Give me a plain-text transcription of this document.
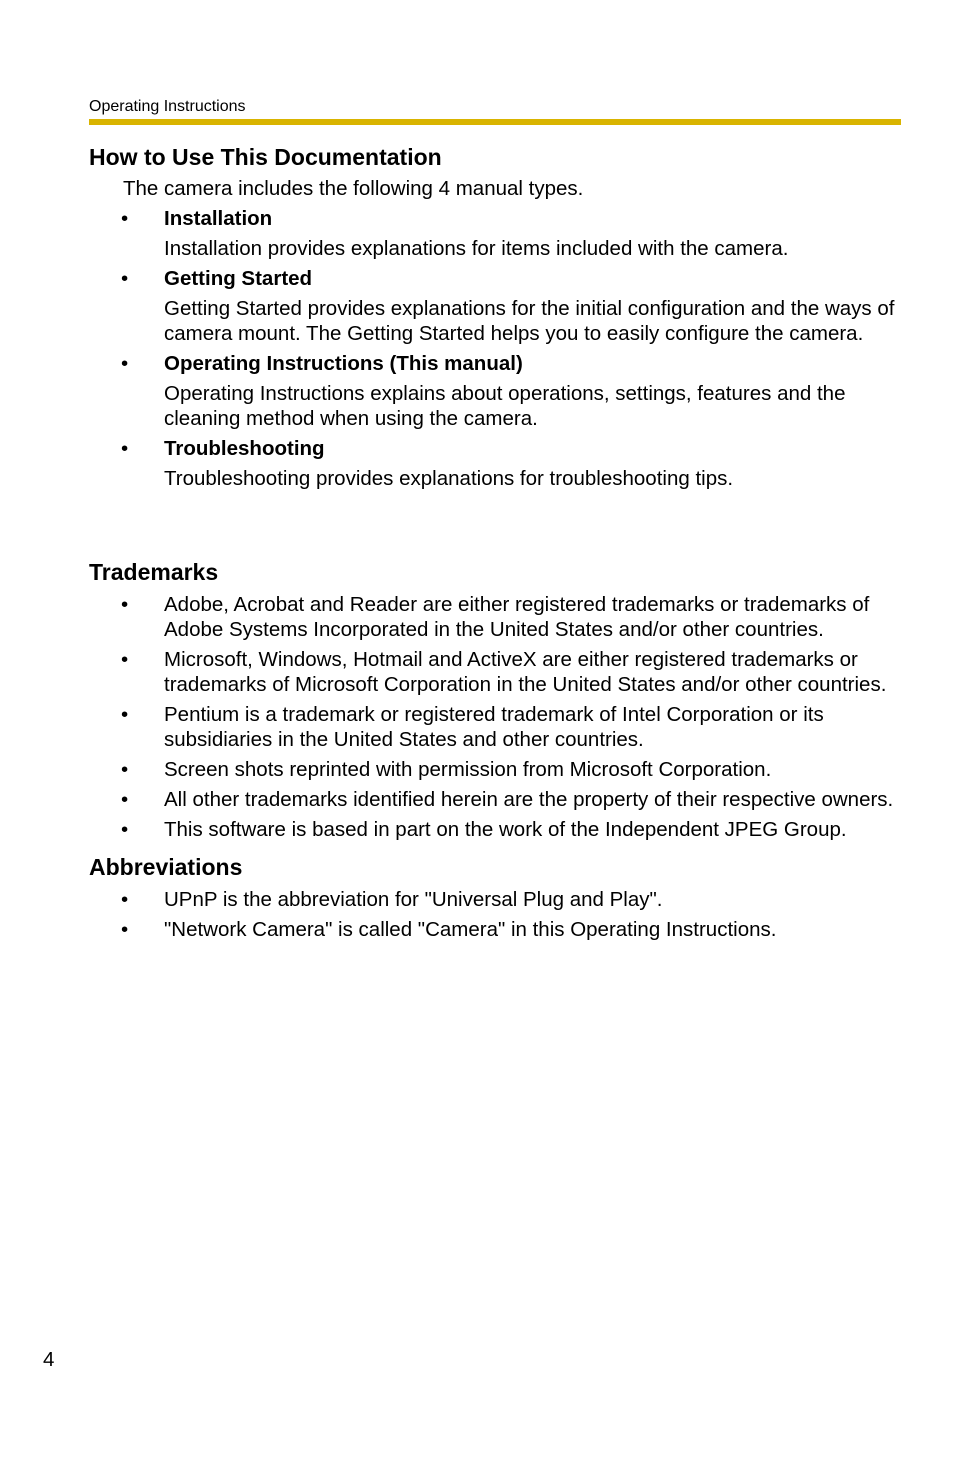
Operating Instructions
How to Use This Documentation

The camera includes the following 4 manual types.

• Installation
Installation provides explanations for items included with the camera.
• Getting Started
Getting Started provides explanations for the initial configuration and the ways of camera mount. The Getting Started helps you to easily configure the camera.
• Operating Instructions (This manual)
Operating Instructions explains about operations, settings, features and the cleaning method when using the camera.
• Troubleshooting
Troubleshooting provides explanations for troubleshooting tips.
Trademarks
• Adobe, Acrobat and Reader are either registered trademarks or trademarks of Adobe Systems Incorporated in the United States and/or other countries.
• Microsoft, Windows, Hotmail and ActiveX are either registered trademarks or trademarks of Microsoft Corporation in the United States and/or other countries.
• Pentium is a trademark or registered trademark of Intel Corporation or its subsidiaries in the United States and other countries.
• Screen shots reprinted with permission from Microsoft Corporation.
• All other trademarks identified herein are the property of their respective owners.
• This software is based in part on the work of the Independent JPEG Group.
Abbreviations
• UPnP is the abbreviation for "Universal Plug and Play".
• "Network Camera" is called "Camera" in this Operating Instructions.
4
